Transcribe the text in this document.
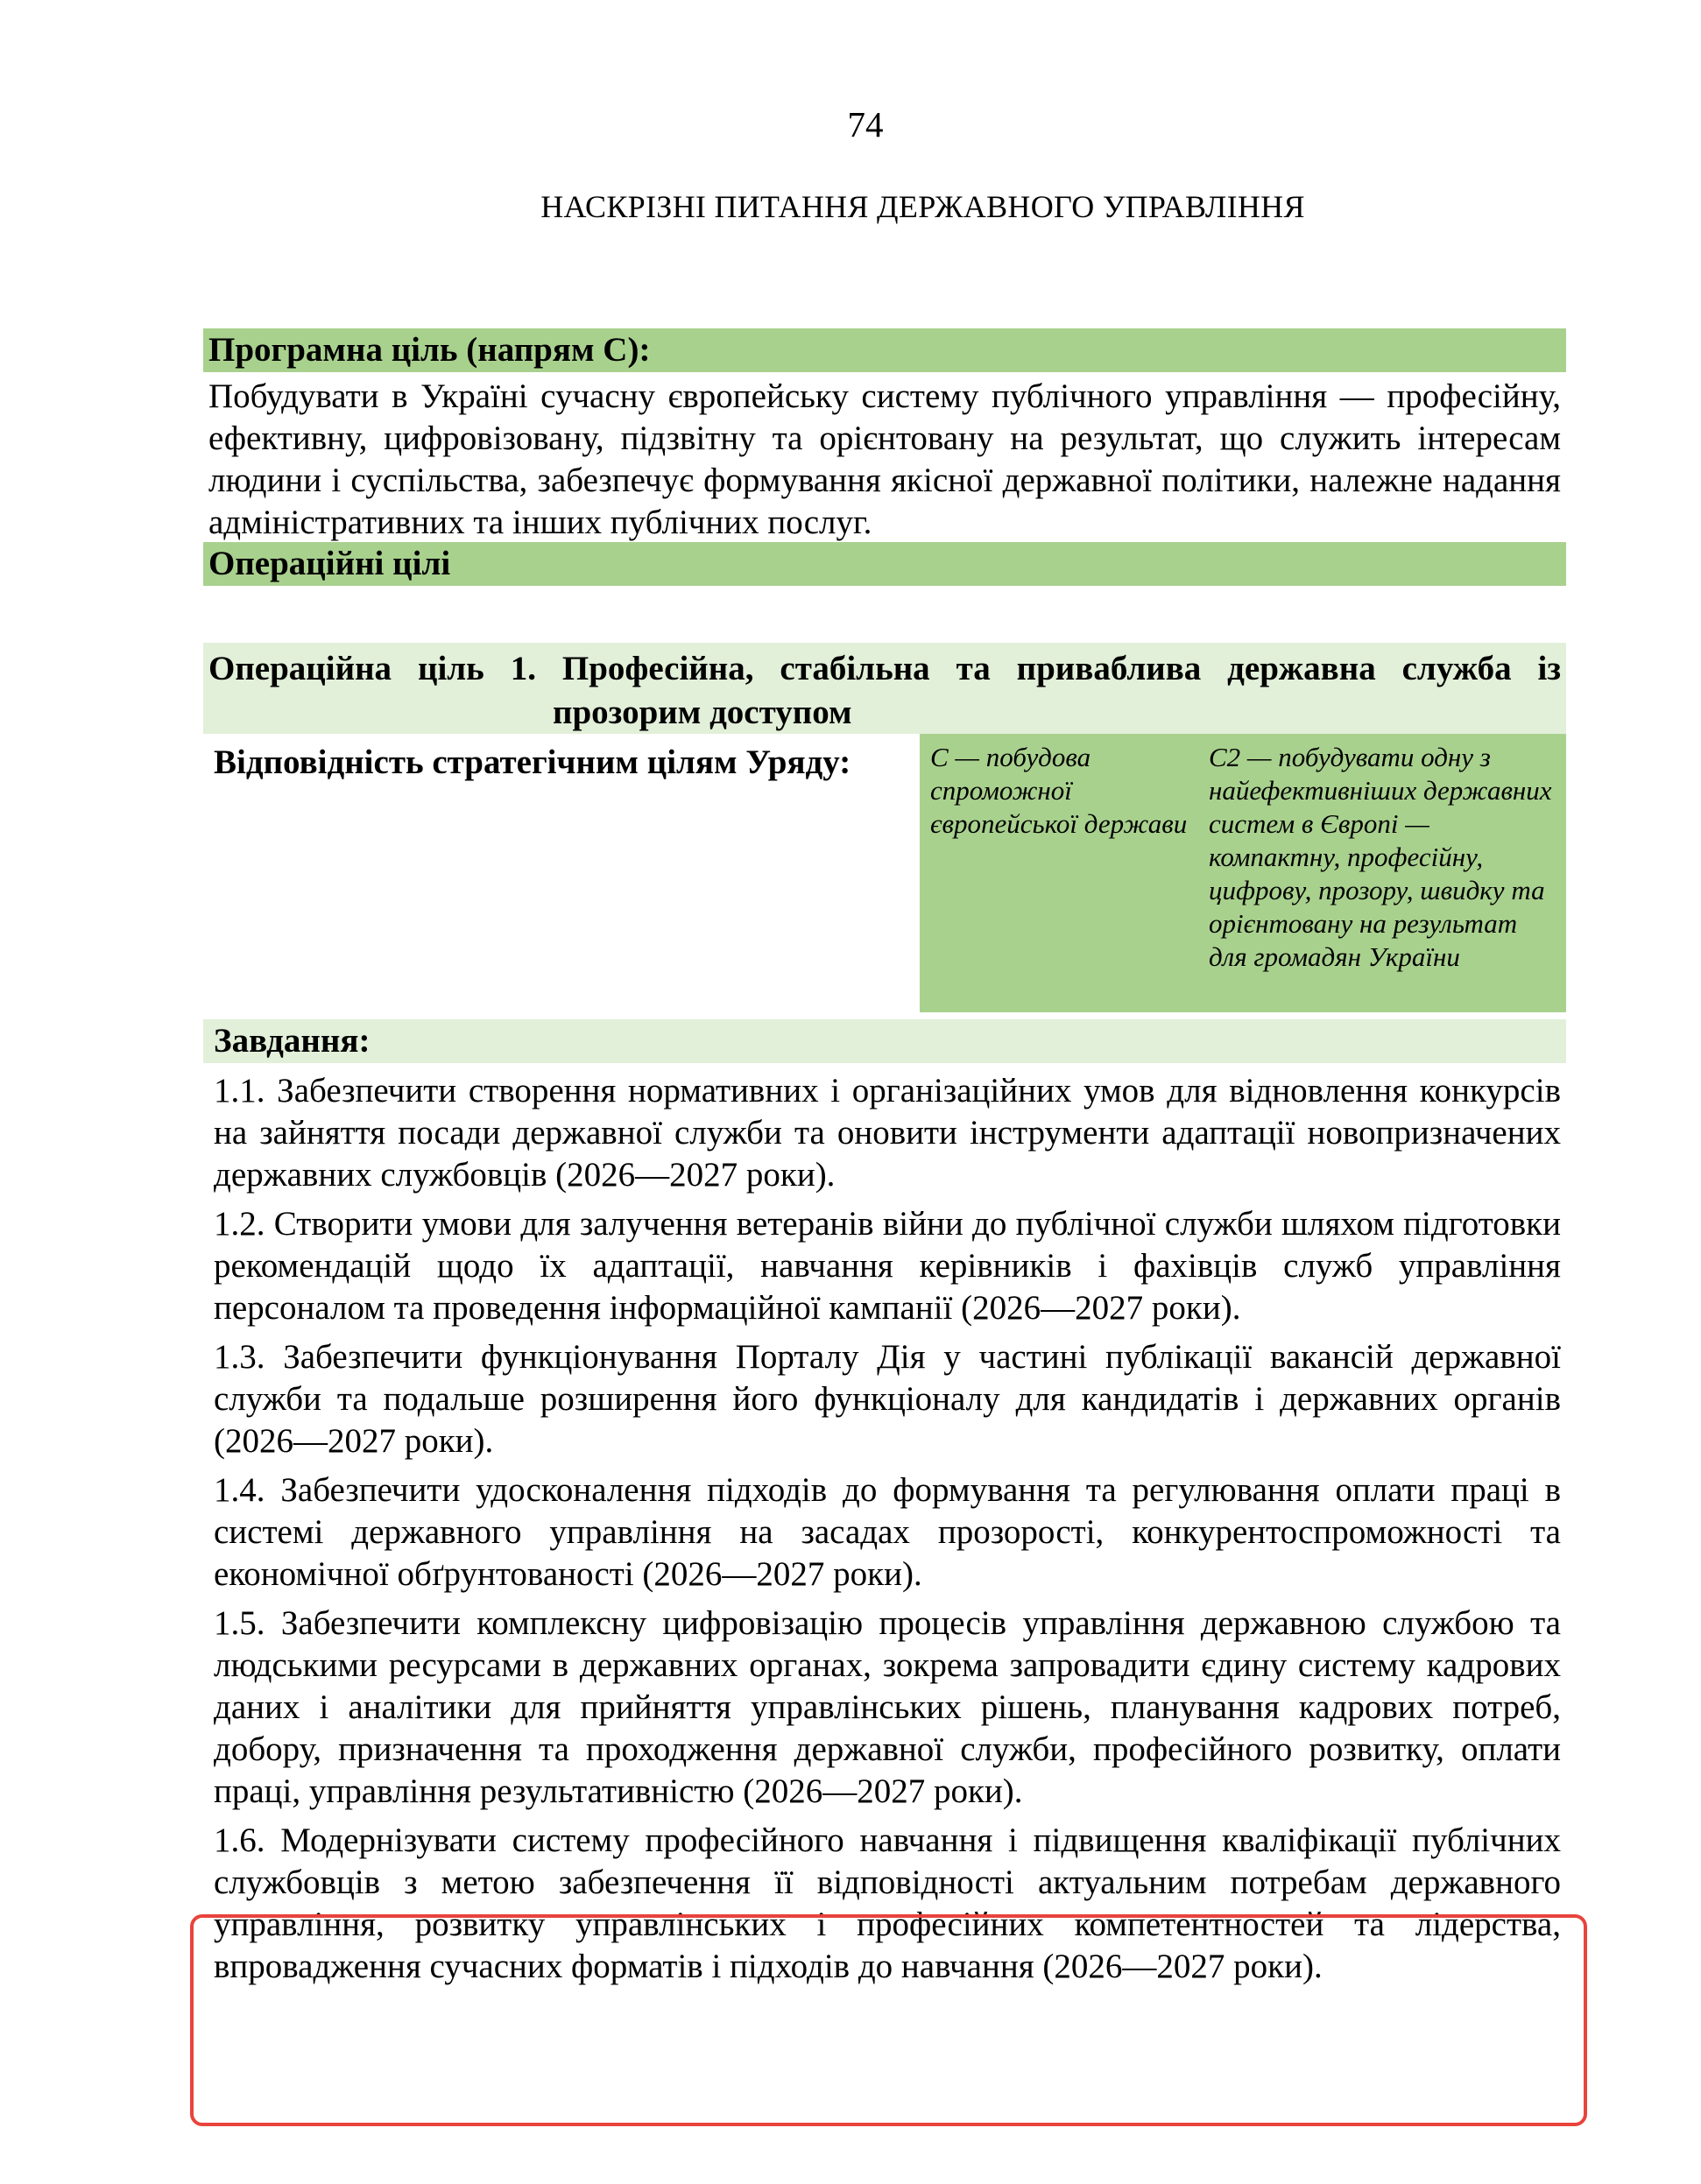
74
НАСКРІЗНІ ПИТАННЯ ДЕРЖАВНОГО УПРАВЛІННЯ
Програмна ціль (напрям С):
Побудувати в Україні сучасну європейську систему публічного управління — професійну, ефективну, цифровізовану, підзвітну та орієнтовану на результат, що служить інтересам людини і суспільства, забезпечує формування якісної державної політики, належне надання адміністративних та інших публічних послуг.
Операційні цілі
Операційна ціль 1. Професійна, стабільна та приваблива державна служба із
прозорим доступом
Відповідність стратегічним цілям Уряду:	С — побудова спроможної європейської держави
С2 — побудувати одну з найефективніших державних систем в Європі — компактну, професійну, цифрову, прозору, швидку та орієнтовану на результат для громадян України
Завдання:
1.1. Забезпечити створення нормативних і організаційних умов для відновлення конкурсів на зайняття посади державної служби та оновити інструменти адаптації новопризначених державних службовців (2026—2027 роки).
1.2. Створити умови для залучення ветеранів війни до публічної служби шляхом підготовки рекомендацій щодо їх адаптації, навчання керівників і фахівців служб управління персоналом та проведення інформаційної кампанії (2026—2027 роки).
1.3. Забезпечити функціонування Порталу Дія у частині публікації вакансій державної служби та подальше розширення його функціоналу для кандидатів і державних органів (2026—2027 роки).
1.4. Забезпечити удосконалення підходів до формування та регулювання оплати праці в системі державного управління на засадах прозорості, конкурентоспроможності та економічної обґрунтованості (2026—2027 роки).
1.5. Забезпечити комплексну цифровізацію процесів управління державною службою та людськими ресурсами в державних органах, зокрема запровадити єдину систему кадрових даних і аналітики для прийняття управлінських рішень, планування кадрових потреб, добору, призначення та проходження державної служби, професійного розвитку, оплати праці, управління результативністю (2026—2027 роки).
1.6. Модернізувати систему професійного навчання і підвищення кваліфікації публічних службовців з метою забезпечення її відповідності актуальним потребам державного управління, розвитку управлінських і професійних компетентностей та лідерства, впровадження сучасних форматів і підходів до навчання (2026—2027 роки).
